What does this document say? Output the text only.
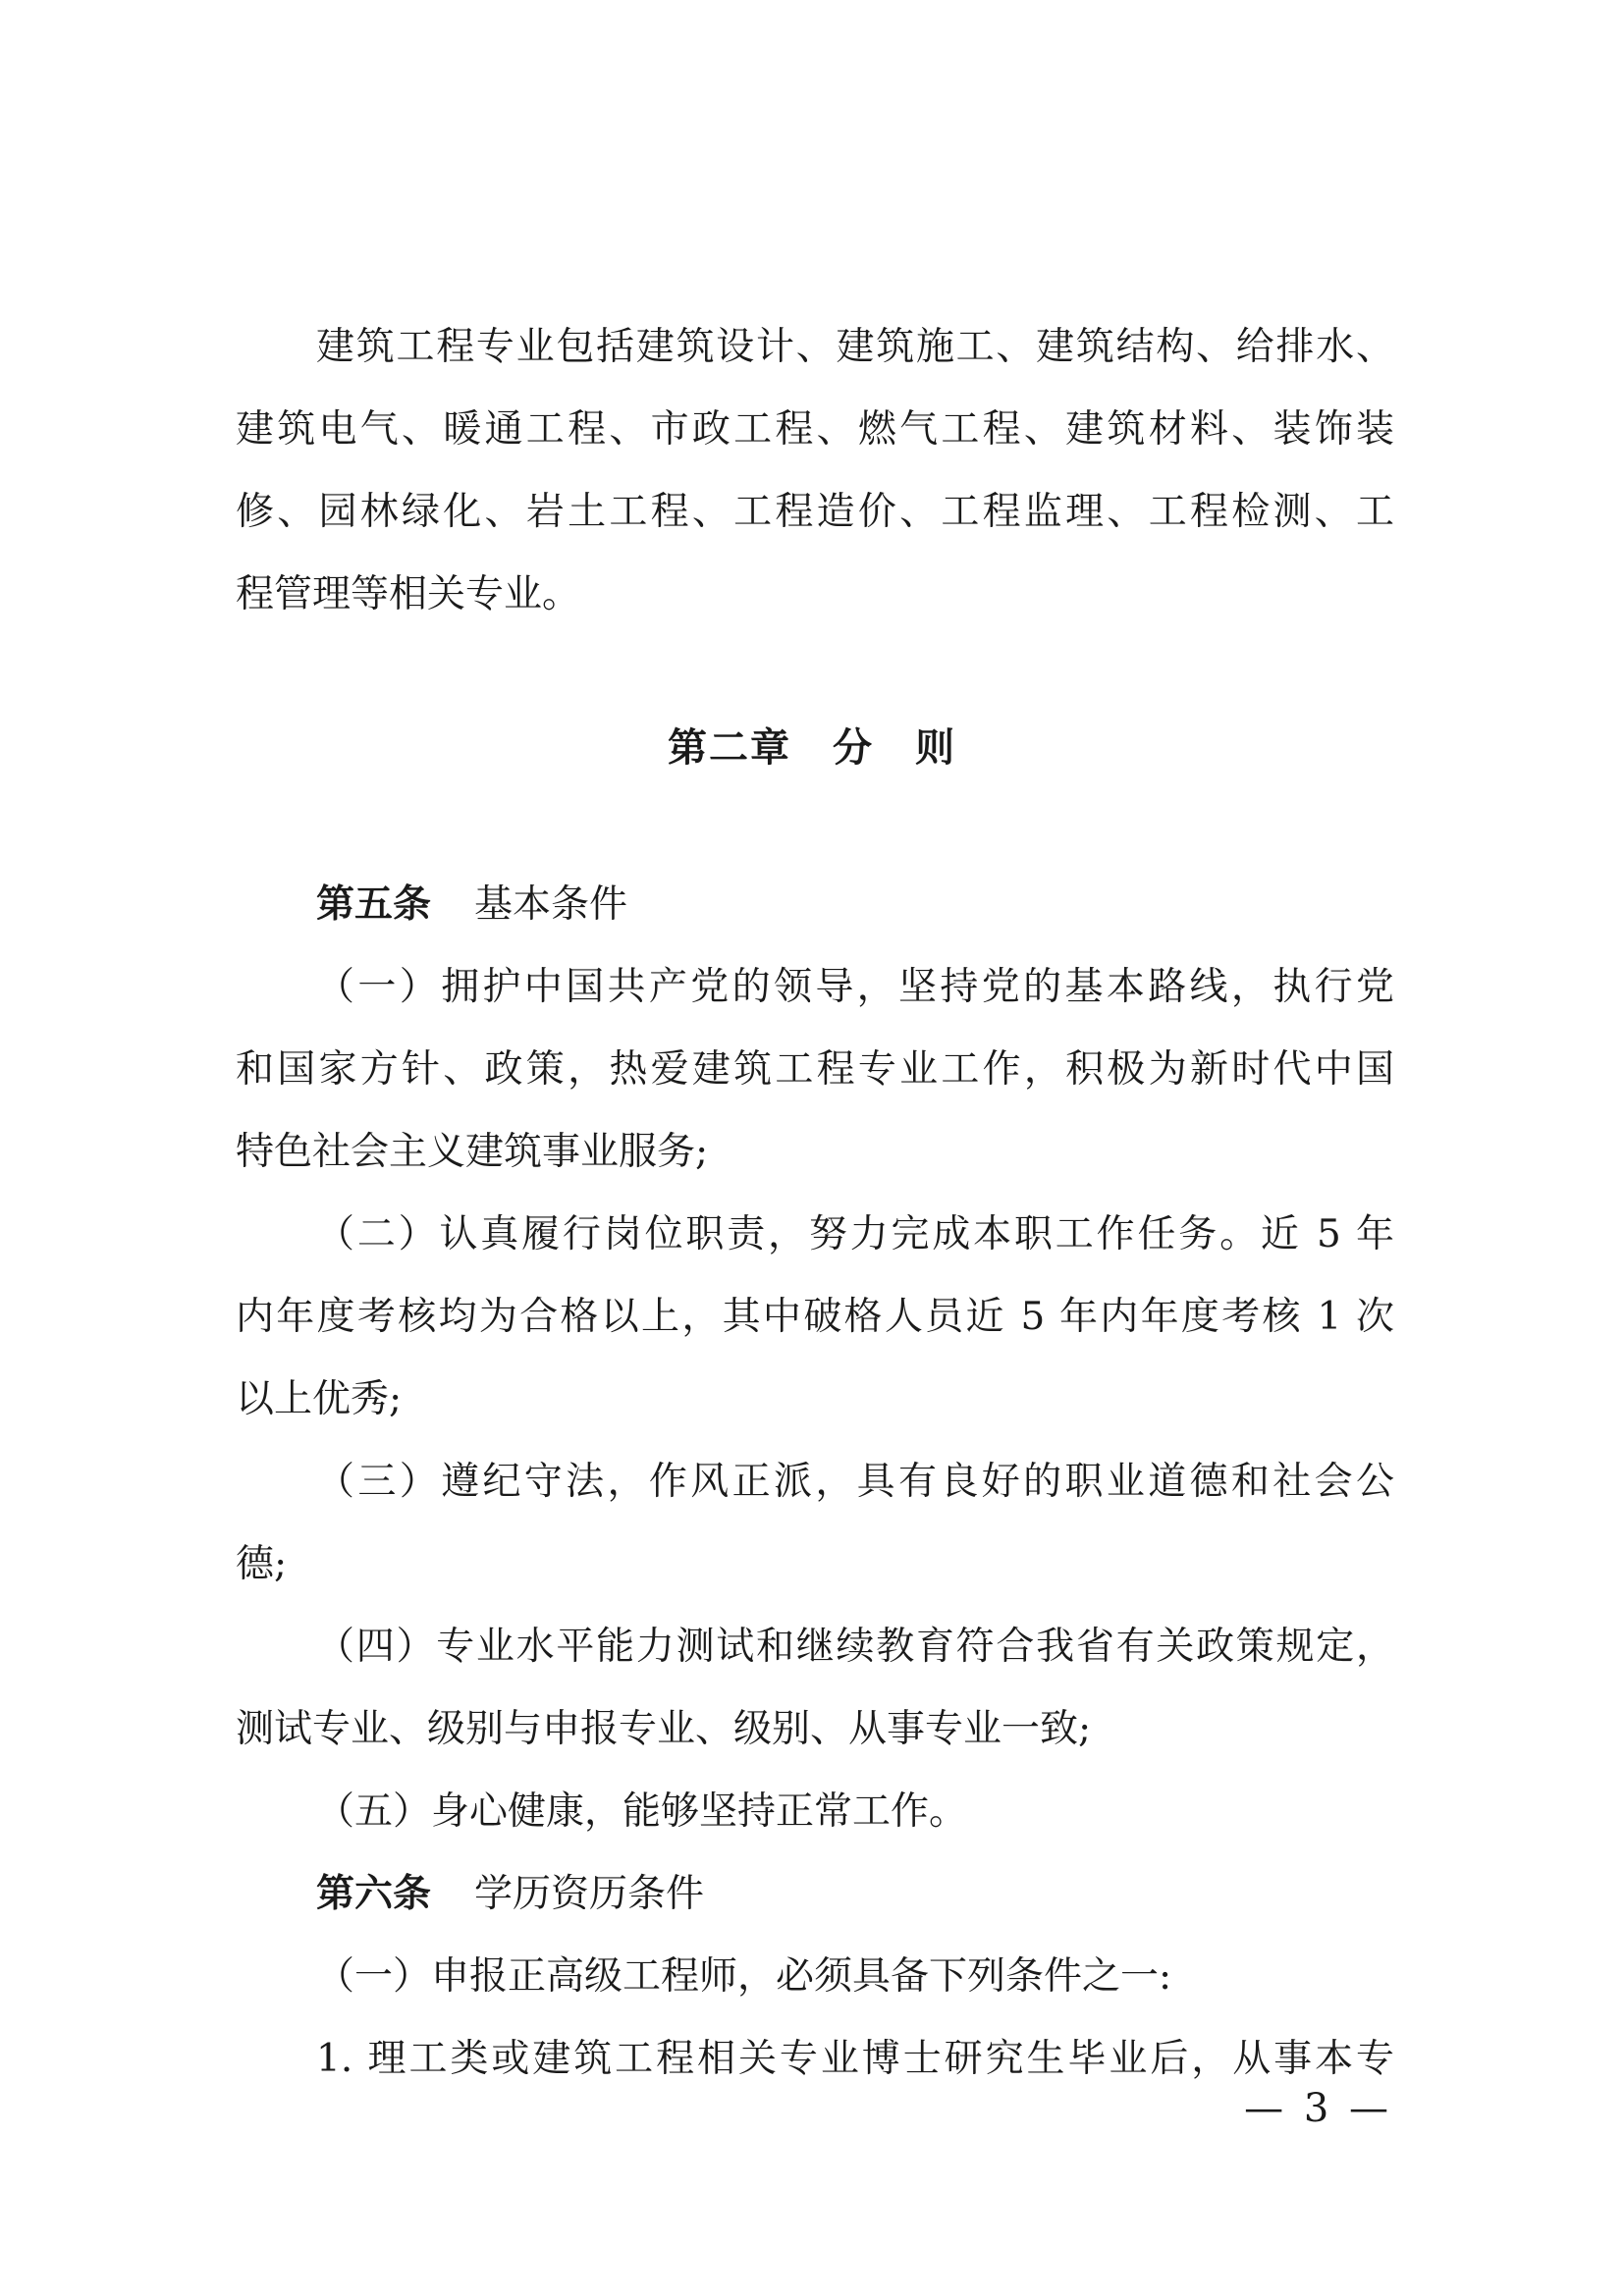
建筑工程专业包括建筑设计、建筑施工、建筑结构、给排水、
建筑电气、暖通工程、市政工程、燃气工程、建筑材料、装饰装
修、园林绿化、岩土工程、工程造价、工程监理、工程检测、工
程管理等相关专业。
第二章　分　则
第五条 基本条件
（一）拥护中国共产党的领导，坚持党的基本路线，执行党
和国家方针、政策，热爱建筑工程专业工作，积极为新时代中国
特色社会主义建筑事业服务;
（二）认真履行岗位职责，努力完成本职工作任务。近 5 年
内年度考核均为合格以上，其中破格人员近 5 年内年度考核 1 次
以上优秀;
（三）遵纪守法，作风正派，具有良好的职业道德和社会公
德;
（四）专业水平能力测试和继续教育符合我省有关政策规定，
测试专业、级别与申报专业、级别、从事专业一致;
（五）身心健康，能够坚持正常工作。
第六条 学历资历条件
（一）申报正高级工程师，必须具备下列条件之一:
1. 理工类或建筑工程相关专业博士研究生毕业后，从事本专
— 3 —
